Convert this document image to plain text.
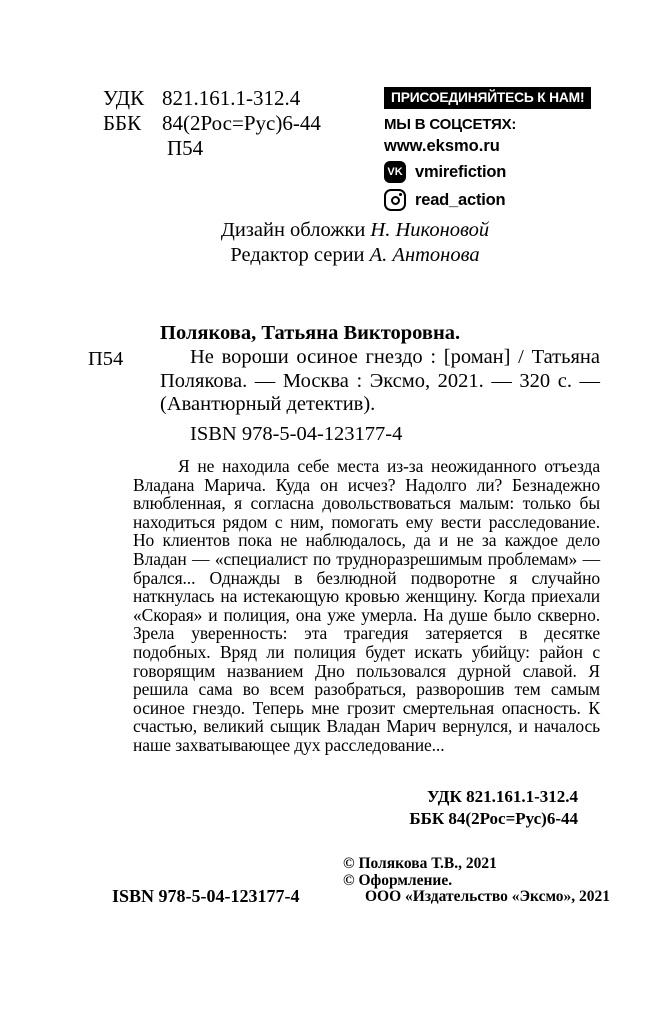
УДК 821.161.1-312.4
ББК 84(2Рос=Рус)6-44
П54
ПРИСОЕДИНЯЙТЕСЬ К НАМ!
МЫ В СОЦСЕТЯХ:
www.eksmo.ru
VK vmirefiction
read_action
Дизайн обложки Н. Никоновой
Редактор серии А. Антонова
Полякова, Татьяна Викторовна.
П54	Не вороши осиное гнездо : [роман] / Татьяна Полякова. — Москва : Эксмо, 2021. — 320 с. — (Авантюрный детектив).
ISBN 978-5-04-123177-4
Я не находила себе места из-за неожиданного отъезда Владана Марича. Куда он исчез? Надолго ли? Безнадежно влюбленная, я согласна довольствоваться малым: только бы находиться рядом с ним, помогать ему вести расследование. Но клиентов пока не наблюдалось, да и не за каждое дело Владан — «специалист по трудноразрешимым проблемам» — брался... Однажды в безлюдной подворотне я случайно наткнулась на истекающую кровью женщину. Когда приехали «Скорая» и полиция, она уже умерла. На душе было скверно. Зрела уверенность: эта трагедия затеряется в десятке подобных. Вряд ли полиция будет искать убийцу: район с говорящим названием Дно пользовался дурной славой. Я решила сама во всем разобраться, разворошив тем самым осиное гнездо. Теперь мне грозит смертельная опасность. К счастью, великий сыщик Владан Марич вернулся, и началось наше захватывающее дух расследование...
УДК 821.161.1-312.4
ББК 84(2Рос=Рус)6-44
© Полякова Т.В., 2021
© Оформление.
ООО «Издательство «Эксмо», 2021
ISBN 978-5-04-123177-4
